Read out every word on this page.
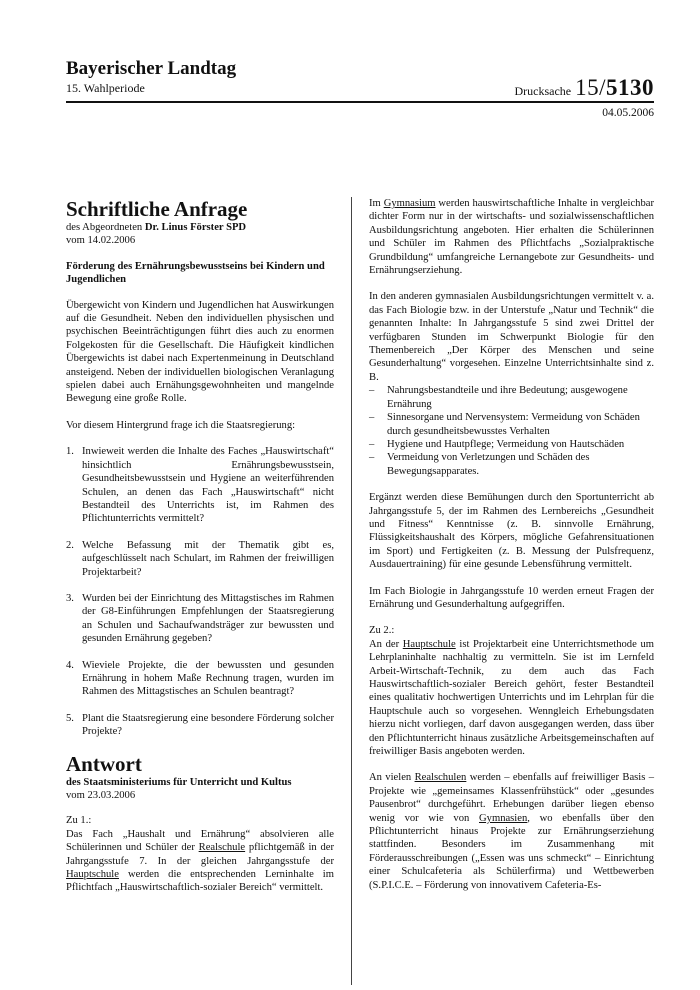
Bayerischer Landtag
15. Wahlperiode	Drucksache 15/5130
04.05.2006
Schriftliche Anfrage

des Abgeordneten Dr. Linus Förster SPD

vom 14.02.2006

Förderung des Ernährungsbewusstseins bei Kindern und Jugendlichen

Übergewicht von Kindern und Jugendlichen hat Auswirkungen auf die Gesundheit. Neben den individuellen physischen und psychischen Beeinträchtigungen führt dies auch zu enormen Folgekosten für die Gesellschaft. Die Häufigkeit kindlichen Übergewichts ist dabei nach Expertenmeinung in Deutschland ansteigend. Neben der individuellen biologischen Veranlagung spielen dabei auch Ernähungsgewohnheiten und mangelnde Bewegung eine große Rolle.

Vor diesem Hintergrund frage ich die Staatsregierung:

1. Inwieweit werden die Inhalte des Faches „Hauswirtschaft“ hinsichtlich Ernährungsbewusstsein, Gesundheitsbewusstsein und Hygiene an weiterführenden Schulen, an denen das Fach „Hauswirtschaft“ nicht Bestandteil des Unterrichts ist, im Rahmen des Pflichtunterrichts vermittelt?
2. Welche Befassung mit der Thematik gibt es, aufgeschlüsselt nach Schulart, im Rahmen der freiwilligen Projektarbeit?
3. Wurden bei der Einrichtung des Mittagstisches im Rahmen der G8-Einführungen Empfehlungen der Staatsregierung an Schulen und Sachaufwandsträger zur bewussten und gesunden Ernährung gegeben?
4. Wieviele Projekte, die der bewussten und gesunden Ernährung in hohem Maße Rechnung tragen, wurden im Rahmen des Mittagstisches an Schulen beantragt?
5. Plant die Staatsregierung eine besondere Förderung solcher Projekte?
Antwort

des Staatsministeriums für Unterricht und Kultus

vom 23.03.2006

Zu 1.:

Das Fach „Haushalt und Ernährung“ absolvieren alle Schülerinnen und Schüler der Realschule pflichtgemäß in der Jahrgangsstufe 7. In der gleichen Jahrgangsstufe der Hauptschule werden die entsprechenden Lerninhalte im Pflichtfach „Hauswirtschaftlich-sozialer Bereich“ vermittelt.

Im Gymnasium werden hauswirtschaftliche Inhalte in vergleichbar dichter Form nur in der wirtschafts- und sozialwissenschaftlichen Ausbildungsrichtung angeboten. Hier erhalten die Schülerinnen und Schüler im Rahmen des Pflichtfachs „Sozialpraktische Grundbildung“ umfangreiche Lernangebote zur Gesundheits- und Ernährungserziehung.

In den anderen gymnasialen Ausbildungsrichtungen vermittelt v. a. das Fach Biologie bzw. in der Unterstufe „Natur und Technik“ die genannten Inhalte: In Jahrgangsstufe 5 sind zwei Drittel der verfügbaren Stunden im Schwerpunkt Biologie für den Themenbereich „Der Körper des Menschen und seine Gesunderhaltung“ vorgesehen. Einzelne Unterrichtsinhalte sind z. B.

–	Nahrungsbestandteile und ihre Bedeutung; ausgewogene Ernährung
–	Sinnesorgane und Nervensystem: Vermeidung von Schäden durch gesundheitsbewusstes Verhalten
–	Hygiene und Hautpflege; Vermeidung von Hautschäden
–	Vermeidung von Verletzungen und Schäden des Bewegungsapparates.

Ergänzt werden diese Bemühungen durch den Sportunterricht ab Jahrgangsstufe 5, der im Rahmen des Lernbereichs „Gesundheit und Fitness“ Kenntnisse (z. B. sinnvolle Ernährung, Flüssigkeitshaushalt des Körpers, mögliche Gefahrensituationen im Sport) und Fertigkeiten (z. B. Messung der Pulsfrequenz, Ausdauertraining) für eine gesunde Lebensführung vermittelt.

Im Fach Biologie in Jahrgangsstufe 10 werden erneut Fragen der Ernährung und Gesunderhaltung aufgegriffen.

Zu 2.:

An der Hauptschule ist Projektarbeit eine Unterrichtsmethode um Lehrplaninhalte nachhaltig zu vermitteln. Sie ist im Lernfeld Arbeit-Wirtschaft-Technik, zu dem auch das Fach Hauswirtschaftlich-sozialer Bereich gehört, fester Bestandteil eines qualitativ hochwertigen Unterrichts und im Lehrplan für die Hauptschule auch so vorgesehen. Wenngleich Erhebungsdaten hierzu nicht vorliegen, darf davon ausgegangen werden, dass über den Pflichtunterricht hinaus zusätzliche Arbeitsgemeinschaften auf freiwilliger Basis angeboten werden.

An vielen Realschulen werden – ebenfalls auf freiwilliger Basis – Projekte wie „gemeinsames Klassenfrühstück“ oder „gesundes Pausenbrot“ durchgeführt. Erhebungen darüber liegen ebenso wenig vor wie von Gymnasien, wo ebenfalls über den Pflichtunterricht hinaus Projekte zur Ernährungserziehung stattfinden. Besonders im Zusammenhang mit Förderausschreibungen („Essen was uns schmeckt“ – Einrichtung einer Schulcafeteria als Schülerfirma) und Wettbewerben (S.P.I.C.E. – Förderung von innovativem Cafeteria-Es-
